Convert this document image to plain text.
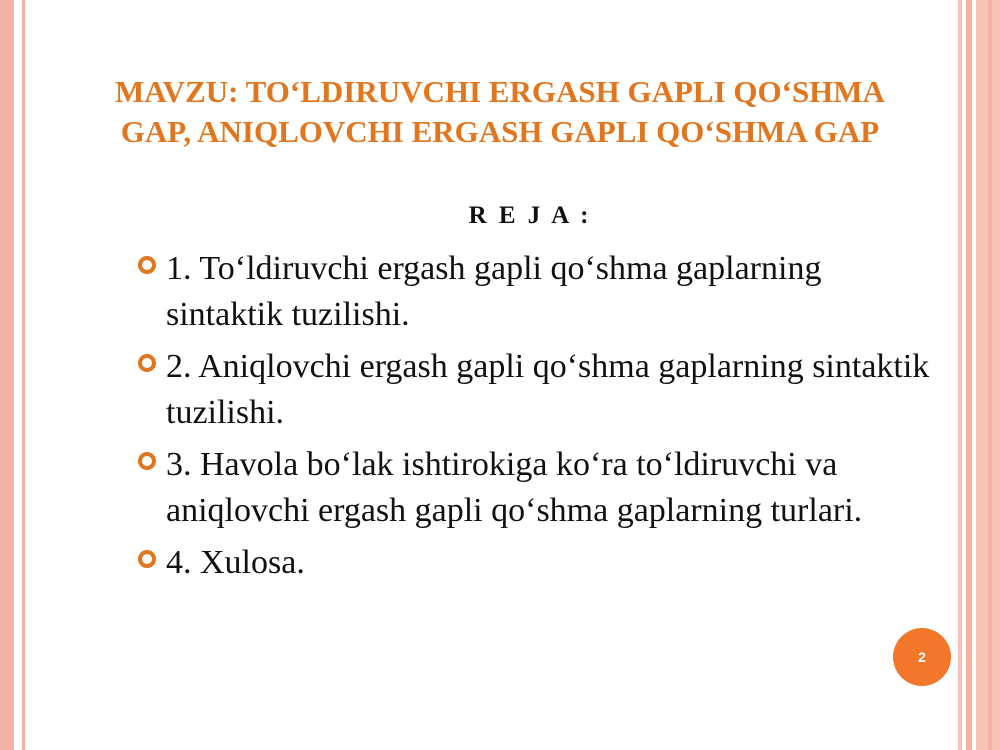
MAVZU: TO‘LDIRUVCHI ERGASH GAPLI QO‘SHMA
GAP, ANIQLOVCHI ERGASH GAPLI QO‘SHMA GAP
R E J A :
1. To‘ldiruvchi ergash gapli qo‘shma gaplarning sintaktik tuzilishi.
2. Aniqlovchi ergash gapli qo‘shma gaplarning sintaktik tuzilishi.
3. Havola bo‘lak ishtirokiga ko‘ra to‘ldiruvchi va aniqlovchi ergash gapli qo‘shma gaplarning turlari.
4. Xulosa.
2
